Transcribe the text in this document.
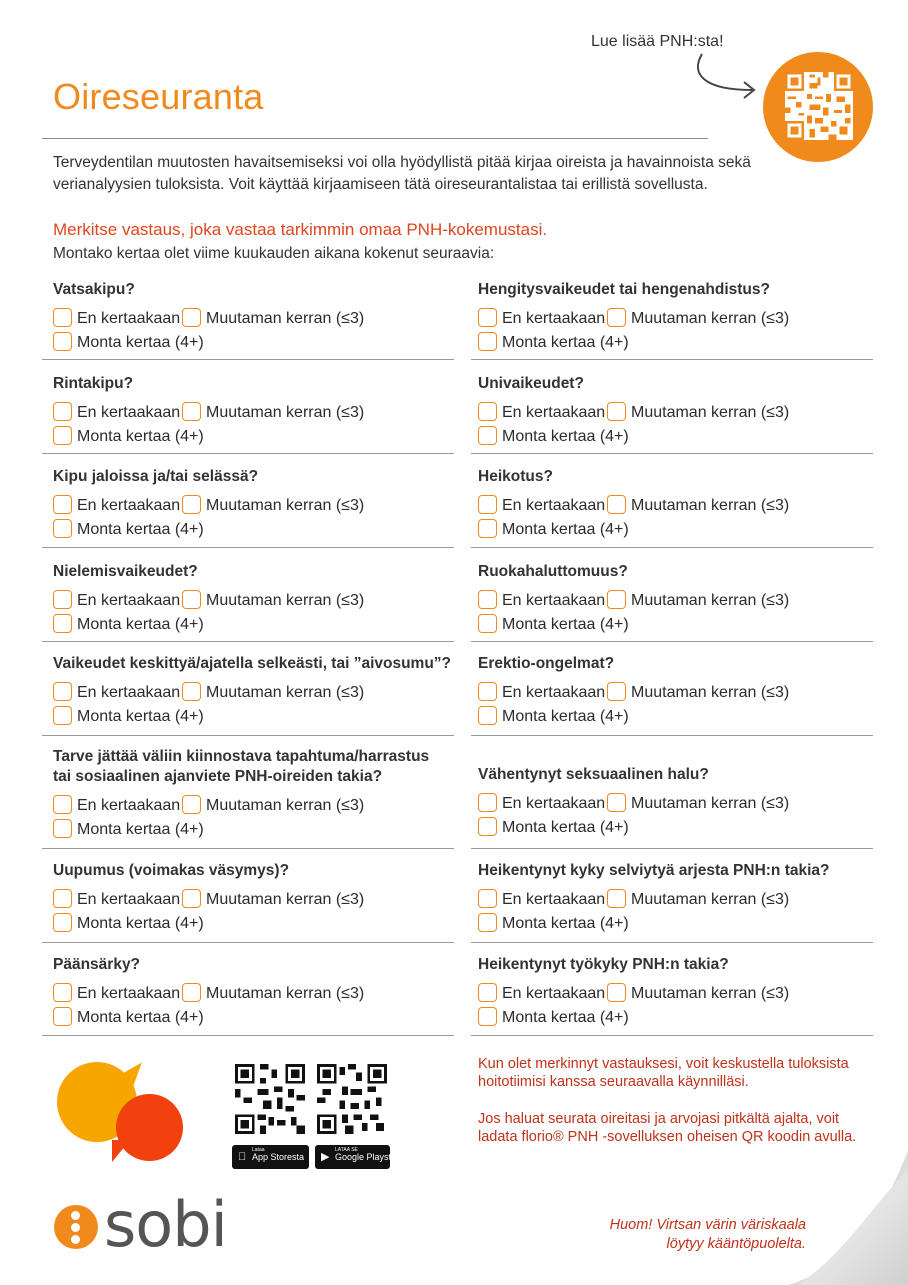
Oireseuranta
Lue lisää PNH:sta!

Terveydentilan muutosten havaitsemiseksi voi olla hyödyllistä pitää kirjaa oireista ja havainnoista sekä verianalyysien tuloksista. Voit käyttää kirjaamiseen tätä oireseurantalistaa tai erillistä sovellusta.

Merkitse vastaus, joka vastaa tarkimmin omaa PNH-kokemustasi.
Montako kertaa olet viime kuukauden aikana kokenut seuraavia:
Vatsakipu?
En kertaakaan	Muutaman kerran (≤3)
Monta kertaa (4+)
Rintakipu?
En kertaakaan	Muutaman kerran (≤3)
Monta kertaa (4+)
Kipu jaloissa ja/tai selässä?
En kertaakaan	Muutaman kerran (≤3)
Monta kertaa (4+)
Nielemisvaikeudet?
En kertaakaan	Muutaman kerran (≤3)
Monta kertaa (4+)
Vaikeudet keskittyä/ajatella selkeästi, tai ”aivosumu”?
En kertaakaan	Muutaman kerran (≤3)
Monta kertaa (4+)
Tarve jättää väliin kiinnostava tapahtuma/harrastus tai sosiaalinen ajanviete PNH-oireiden takia?
En kertaakaan	Muutaman kerran (≤3)
Monta kertaa (4+)
Uupumus (voimakas väsymys)?
En kertaakaan	Muutaman kerran (≤3)
Monta kertaa (4+)
Päänsärky?
En kertaakaan	Muutaman kerran (≤3)
Monta kertaa (4+)
Hengitysvaikeudet tai hengenahdistus?
En kertaakaan	Muutaman kerran (≤3)
Monta kertaa (4+)
Univaikeudet?
En kertaakaan	Muutaman kerran (≤3)
Monta kertaa (4+)
Heikotus?
En kertaakaan	Muutaman kerran (≤3)
Monta kertaa (4+)
Ruokahaluttomuus?
En kertaakaan	Muutaman kerran (≤3)
Monta kertaa (4+)
Erektio-ongelmat?
En kertaakaan	Muutaman kerran (≤3)
Monta kertaa (4+)
Vähentynyt seksuaalinen halu?
En kertaakaan	Muutaman kerran (≤3)
Monta kertaa (4+)
Heikentynyt kyky selviytyä arjesta PNH:n takia?
En kertaakaan	Muutaman kerran (≤3)
Monta kertaa (4+)
Heikentynyt työkyky PNH:n takia?
En kertaakaan	Muutaman kerran (≤3)
Monta kertaa (4+)
Lataa
App Storesta	▶
LATAA SE
Google Playsta

Kun olet merkinnyt vastauksesi, voit keskustella tuloksista hoitotiimisi kanssa seuraavalla käynnilläsi.

Jos haluat seurata oireitasi ja arvojasi pitkältä ajalta, voit ladata florio® PNH -sovelluksen oheisen QR koodin avulla.

Huom! Virtsan värin väriskaala
löytyy kääntöpuolelta.
sobi
